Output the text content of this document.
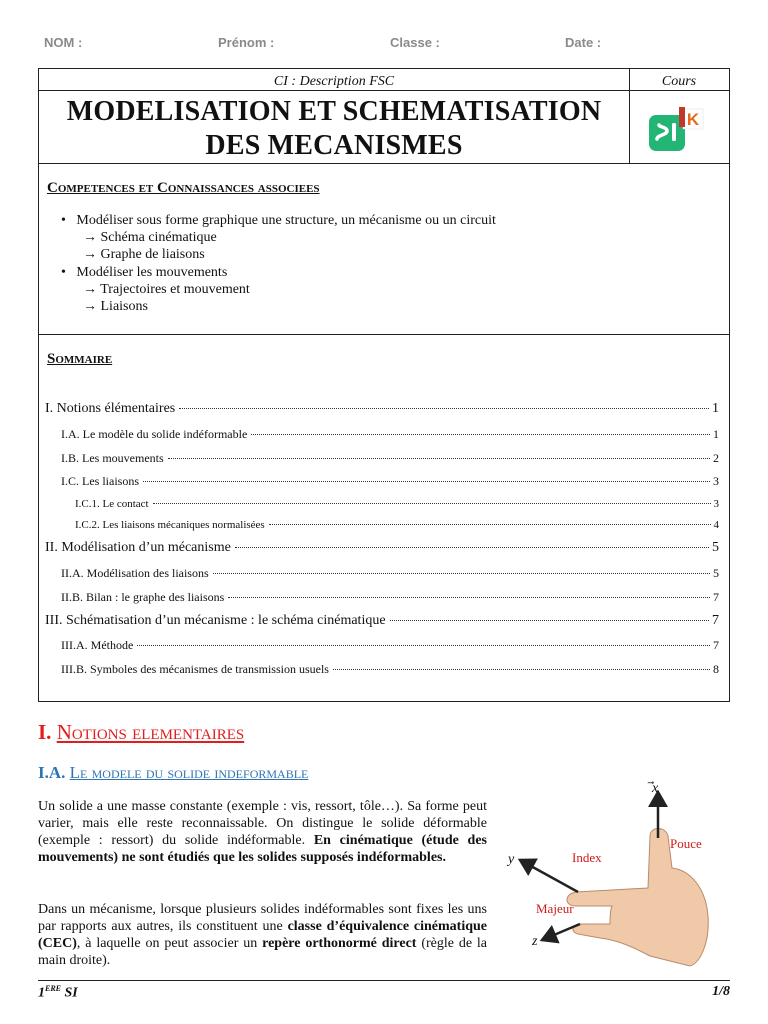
NOM :	Prénom :	Classe :	Date :
CI : Description FSC	Cours
MODELISATION ET SCHEMATISATION
DES MECANISMES
K
Competences et Connaissances associees
•   Modéliser sous forme graphique une structure, un mécanisme ou un circuit
→ Schéma cinématique
→ Graphe de liaisons
•   Modéliser les mouvements
→ Trajectoires et mouvement
→ Liaisons
Sommaire
I. Notions élémentaires	1
I.A. Le modèle du solide indéformable	1
I.B. Les mouvements	2
I.C. Les liaisons	3
I.C.1. Le contact	3
I.C.2. Les liaisons mécaniques normalisées	4
II. Modélisation d’un mécanisme	5
II.A. Modélisation des liaisons	5
II.B. Bilan : le graphe des liaisons	7
III. Schématisation d’un mécanisme : le schéma cinématique	7
III.A. Méthode	7
III.B. Symboles des mécanismes de transmission usuels	8
I. Notions elementaires
I.A. Le modele du solide indeformable
Un solide a une masse constante (exemple : vis, ressort, tôle…). Sa forme peut varier, mais elle reste reconnaissable. On distingue le solide déformable (exemple : ressort) du solide indéformable. En cinématique (étude des mouvements) ne sont étudiés que les solides supposés indéformables.
Dans un mécanisme, lorsque plusieurs solides indéformables sont fixes les uns par rapports aux autres, ils constituent une classe d’équivalence cinématique (CEC), à laquelle on peut associer un repère orthonormé direct (règle de la main droite).
x
y
z
Pouce
Index
Majeur
1ERE SI	1/8
